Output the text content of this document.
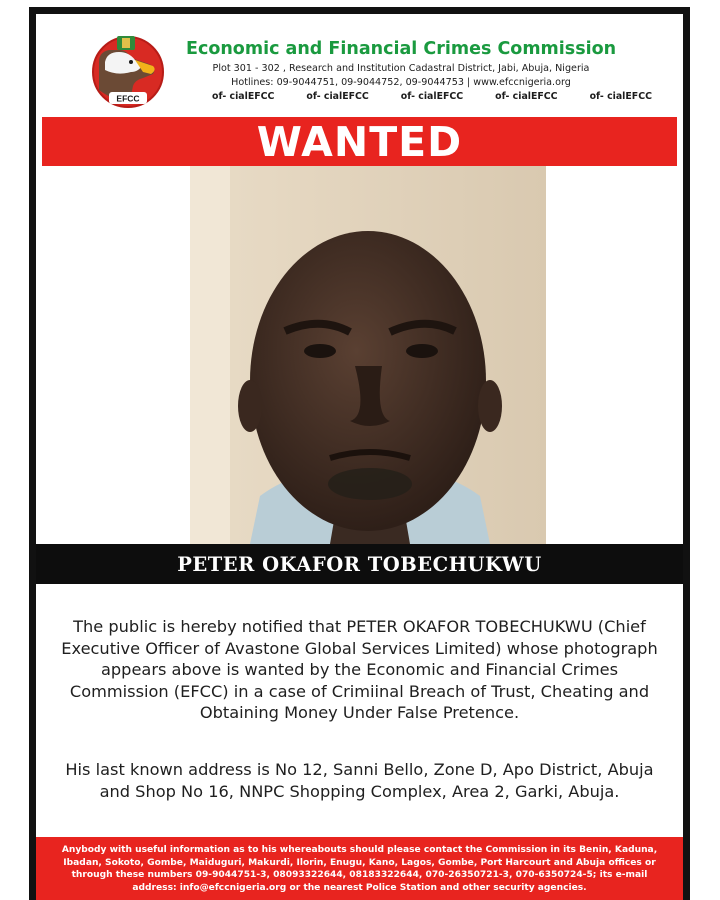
EFCC
Economic and Financial Crimes Commission
Plot 301 - 302 , Research and Institution Cadastral District, Jabi, Abuja, Nigeria
Hotlines: 09-9044751, 09-9044752, 09-9044753 | www.efccnigeria.org
of- cialEFCC	of- cialEFCC	of- cialEFCC	of- cialEFCC	of- cialEFCC
WANTED
PETER OKAFOR TOBECHUKWU
The public is hereby notified that PETER OKAFOR TOBECHUKWU (Chief Executive Officer of Avastone Global Services Limited) whose photograph appears above is wanted by the Economic and Financial Crimes Commission (EFCC) in a case of Crimiinal Breach of Trust, Cheating and Obtaining Money Under False Pretence.
His last known address is No 12, Sanni Bello, Zone D, Apo District, Abuja and Shop No 16, NNPC Shopping Complex, Area 2, Garki, Abuja.
Anybody with useful information as to his whereabouts should please contact the Commission in its Benin, Kaduna, Ibadan, Sokoto, Gombe, Maiduguri, Makurdi, Ilorin, Enugu, Kano, Lagos, Gombe, Port Harcourt and Abuja offices or through these numbers 09-9044751-3, 08093322644, 08183322644, 070-26350721-3, 070-6350724-5; its e-mail address: info@efccnigeria.org or the nearest Police Station and other security agencies.
